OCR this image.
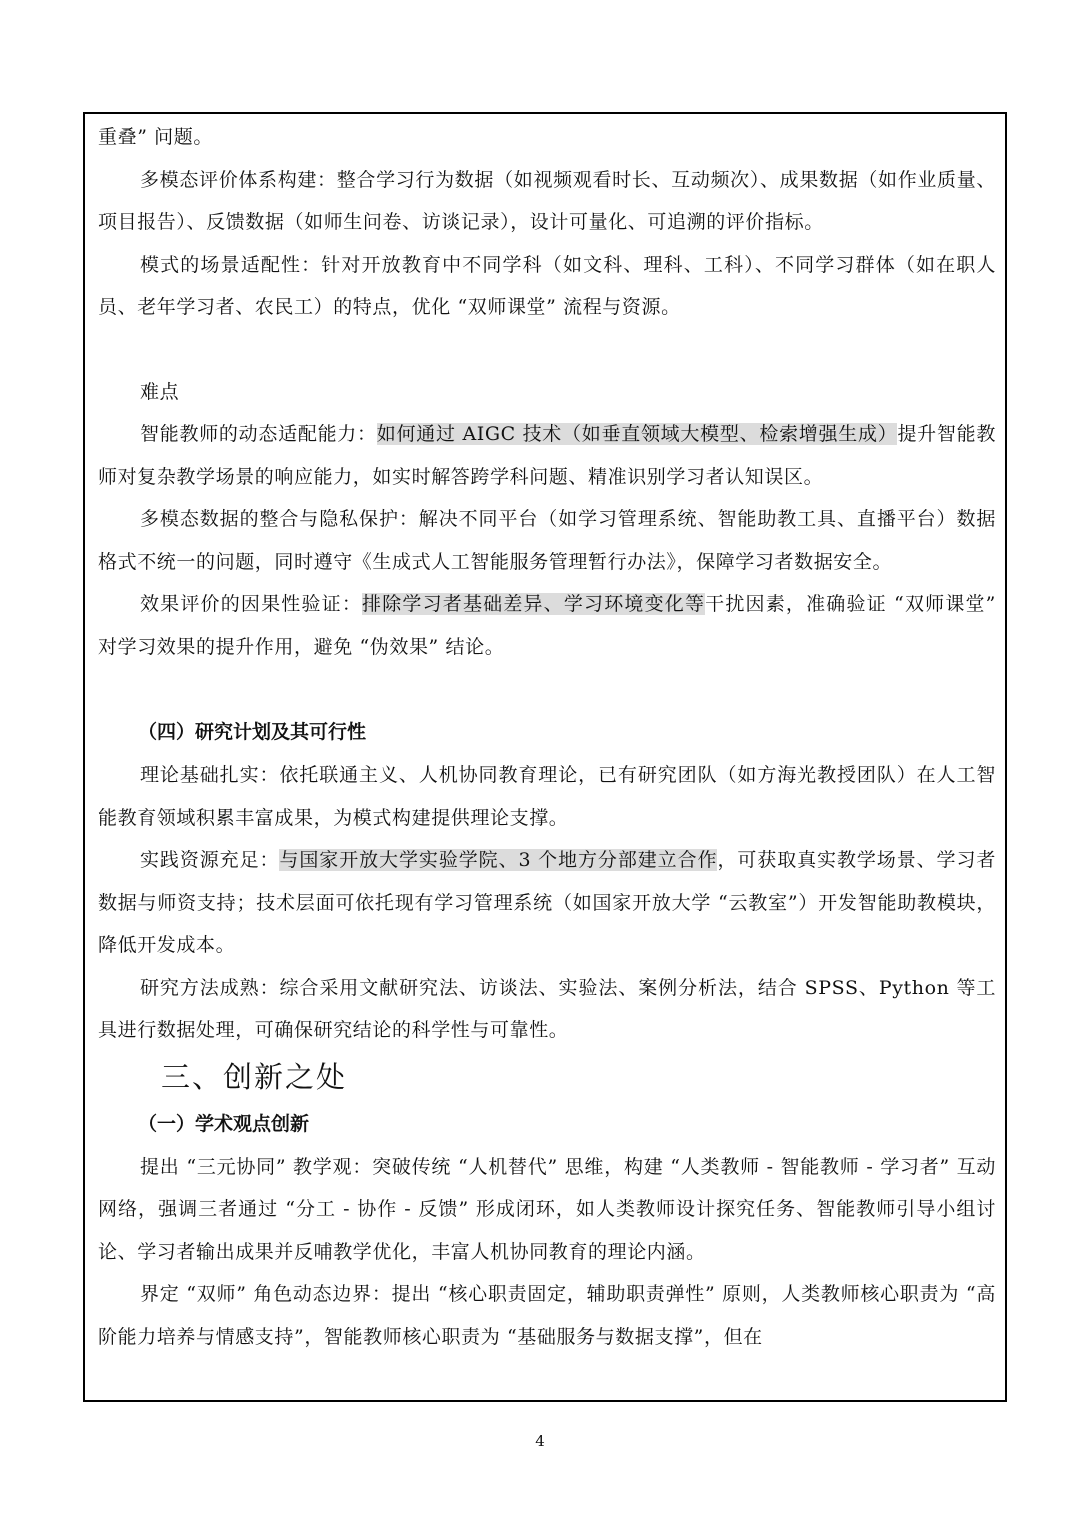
重叠” 问题。

多模态评价体系构建：整合学习行为数据（如视频观看时长、互动频次）、成果数据（如作业质量、项目报告）、反馈数据（如师生问卷、访谈记录），设计可量化、可追溯的评价指标。

模式的场景适配性：针对开放教育中不同学科（如文科、理科、工科）、不同学习群体（如在职人员、老年学习者、农民工）的特点，优化 “双师课堂” 流程与资源。

难点

智能教师的动态适配能力：如何通过 AIGC 技术（如垂直领域大模型、检索增强生成）提升智能教师对复杂教学场景的响应能力，如实时解答跨学科问题、精准识别学习者认知误区。

多模态数据的整合与隐私保护：解决不同平台（如学习管理系统、智能助教工具、直播平台）数据格式不统一的问题，同时遵守《生成式人工智能服务管理暂行办法》，保障学习者数据安全。

效果评价的因果性验证：排除学习者基础差异、学习环境变化等干扰因素，准确验证 “双师课堂” 对学习效果的提升作用，避免 “伪效果” 结论。

（四）研究计划及其可行性

理论基础扎实：依托联通主义、人机协同教育理论，已有研究团队（如方海光教授团队）在人工智能教育领域积累丰富成果，为模式构建提供理论支撑。

实践资源充足：与国家开放大学实验学院、3 个地方分部建立合作，可获取真实教学场景、学习者数据与师资支持；技术层面可依托现有学习管理系统（如国家开放大学 “云教室”）开发智能助教模块，降低开发成本。

研究方法成熟：综合采用文献研究法、访谈法、实验法、案例分析法，结合 SPSS、Python 等工具进行数据处理，可确保研究结论的科学性与可靠性。

三、创新之处
（一）学术观点创新

提出 “三元协同” 教学观：突破传统 “人机替代” 思维，构建 “人类教师 - 智能教师 - 学习者” 互动网络，强调三者通过 “分工 - 协作 - 反馈” 形成闭环，如人类教师设计探究任务、智能教师引导小组讨论、学习者输出成果并反哺教学优化，丰富人机协同教育的理论内涵。

界定 “双师” 角色动态边界：提出 “核心职责固定，辅助职责弹性” 原则，人类教师核心职责为 “高阶能力培养与情感支持”，智能教师核心职责为 “基础服务与数据支撑”，但在

4
